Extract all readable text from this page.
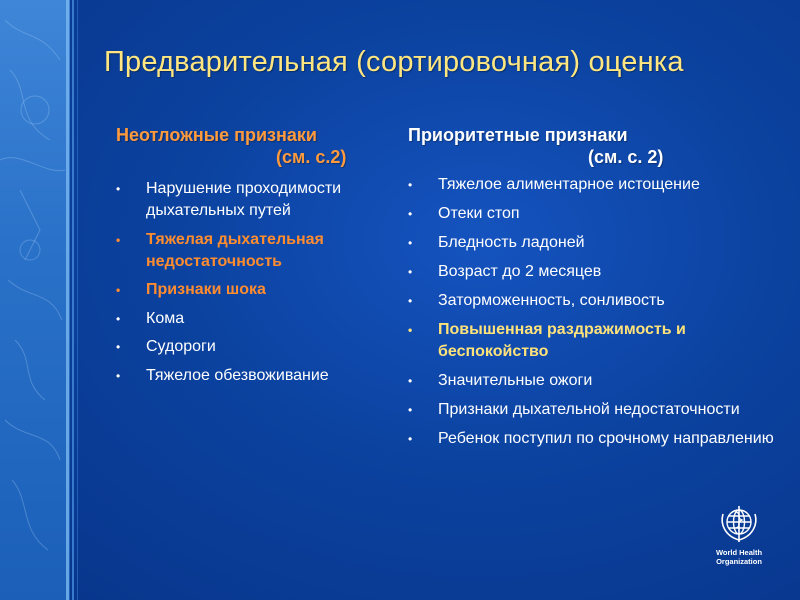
Предварительная (сортировочная) оценка
Неотложные признаки
(см. с.2)
•	Нарушение проходимости дыхательных путей
•	Тяжелая дыхательная недостаточность
•	Признаки шока
•	Кома
•	Судороги
•	Тяжелое обезвоживание
Приоритетные признаки
(см. с. 2)
•	Тяжелое алиментарное истощение
•	Отеки стоп
•	Бледность ладоней
•	Возраст до 2 месяцев
•	Заторможенность, сонливость
•	Повышенная раздражимость и беспокойство
•	Значительные ожоги
•	Признаки дыхательной недостаточности
•	Ребенок поступил по срочному направлению
World Health
Organization
